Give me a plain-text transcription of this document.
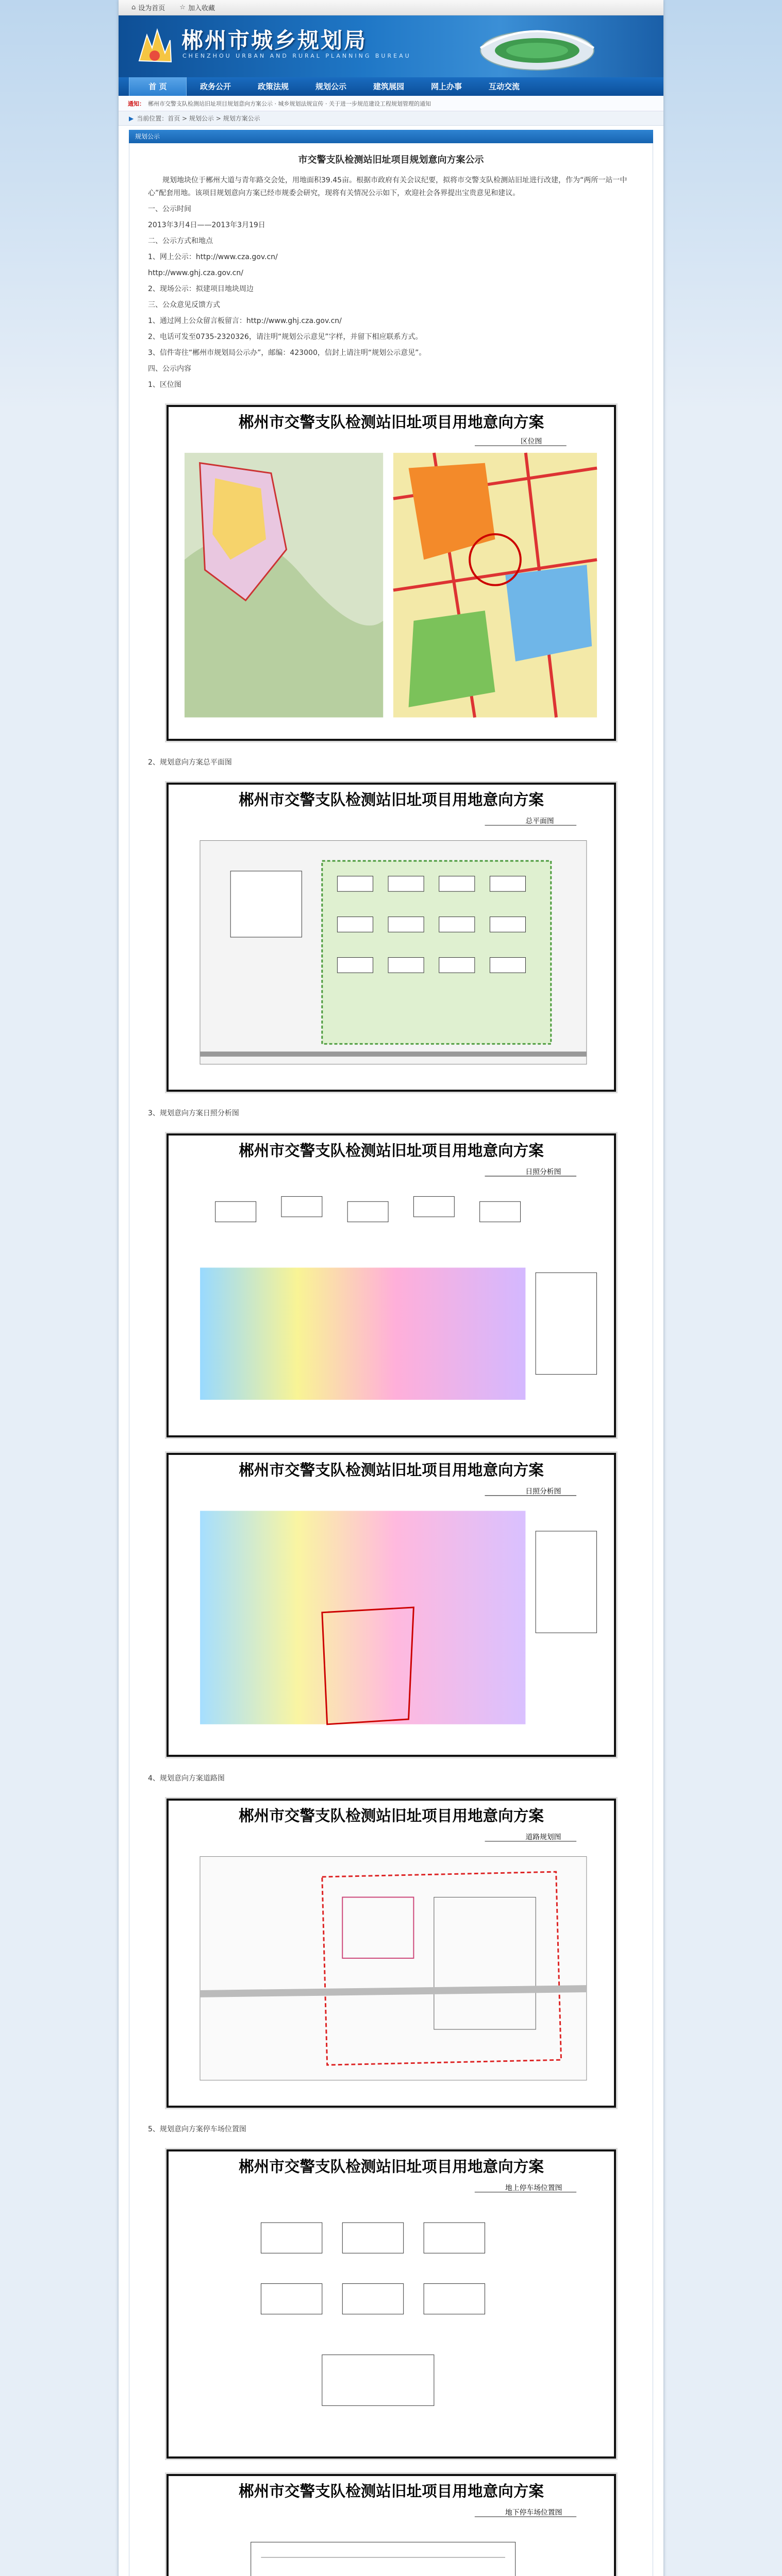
⌂ 设为首页 ☆ 加入收藏
郴州市城乡规划局
CHENZHOU URBAN AND RURAL PLANNING BUREAU
首 页	政务公开	政策法规	规划公示	建筑展园	网上办事	互动交流
通知： 郴州市交警支队检测站旧址项目规划意向方案公示 · 城乡规划法规宣传 · 关于进一步规范建设工程规划管理的通知
▶ 当前位置：首页 > 规划公示 > 规划方案公示
规划公示
市交警支队检测站旧址项目规划意向方案公示

规划地块位于郴州大道与青年路交会处，用地面积39.45亩。根据市政府有关会议纪要，拟将市交警支队检测站旧址进行改建，作为“两所一站一中心”配套用地。该项目规划意向方案已经市规委会研究，现将有关情况公示如下，欢迎社会各界提出宝贵意见和建议。

一、公示时间

2013年3月4日——2013年3月19日

二、公示方式和地点

1、网上公示：http://www.cza.gov.cn/

http://www.ghj.cza.gov.cn/

2、现场公示：拟建项目地块周边

三、公众意见反馈方式

1、通过网上公众留言板留言：http://www.ghj.cza.gov.cn/

2、电话可发至0735-2320326，请注明“规划公示意见”字样，并留下相应联系方式。

3、信件寄往“郴州市规划局公示办”，邮编：423000，信封上请注明“规划公示意见”。

四、公示内容

1、区位图

郴州市交警支队检测站旧址项目用地意向方案
区位图

2、规划意向方案总平面图

郴州市交警支队检测站旧址项目用地意向方案
总平面图

3、规划意向方案日照分析图

郴州市交警支队检测站旧址项目用地意向方案
日照分析图
郴州市交警支队检测站旧址项目用地意向方案
日照分析图

4、规划意向方案道路图

郴州市交警支队检测站旧址项目用地意向方案
道路规划图

5、规划意向方案停车场位置图

郴州市交警支队检测站旧址项目用地意向方案
地上停车场位置图
郴州市交警支队检测站旧址项目用地意向方案
地下停车场位置图
